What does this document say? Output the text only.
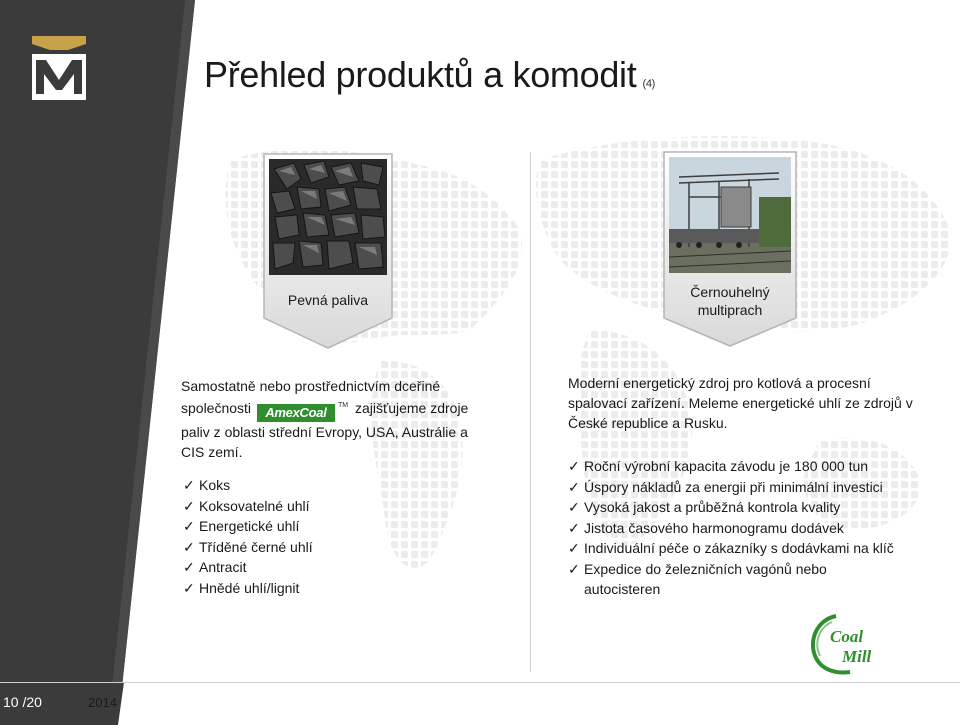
Přehled produktů a komodit (4)
Pevná paliva	Černouhelný
multiprach
Samostatně nebo prostřednictvím dceřiné společnosti AmexCoal ™ zajišťujeme zdroje paliv z oblasti střední Evropy, USA, Austrálie a CIS zemí.
✓ Koks
✓ Koksovatelné uhlí
✓ Energetické uhlí
✓ Tříděné černé uhlí
✓ Antracit
✓ Hnědé uhlí/lignit
Moderní energetický zdroj pro kotlová a procesní spalovací zařízení. Meleme energetické uhlí ze zdrojů v České republice a Rusku.
✓ Roční výrobní kapacita závodu je 180 000 tun
✓ Úspory nákladů za energii při minimální investici
✓ Vysoká jakost a průběžná kontrola kvality
✓ Jistota časového harmonogramu dodávek
✓ Individuální péče o zákazníky s dodávkami na klíč
✓ Expedice do železničních vagónů nebo
autocisteren
Coal
Mill
10 /20	2014
